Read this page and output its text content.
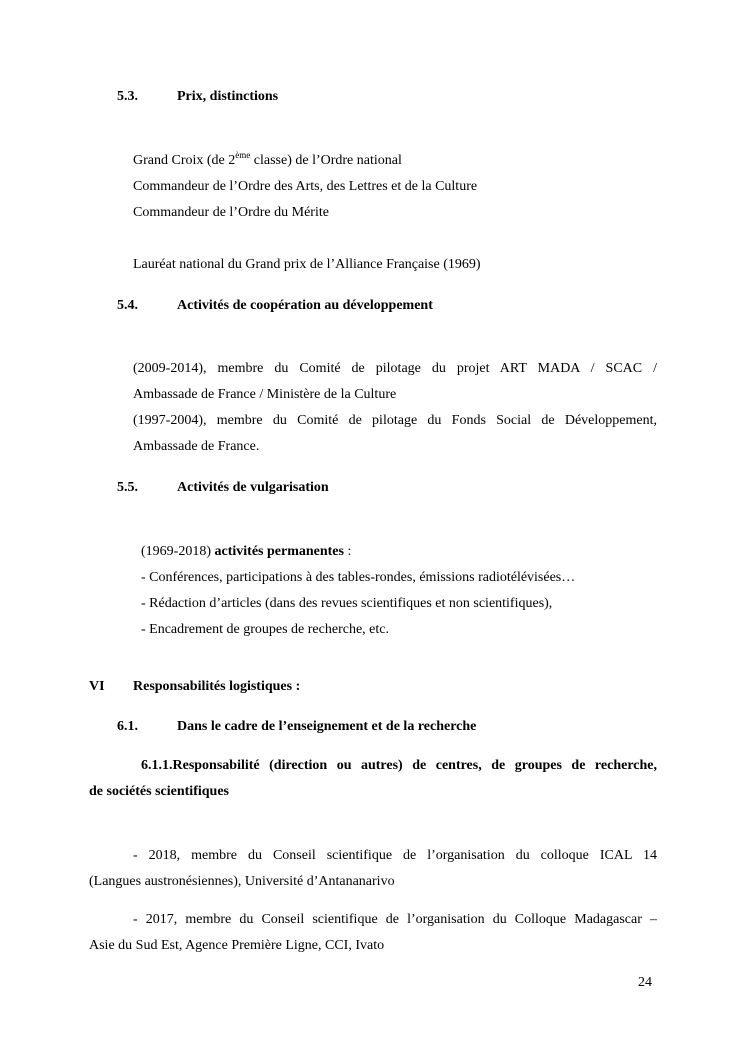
5.3.	Prix, distinctions
Grand Croix (de 2ème classe) de l’Ordre national
Commandeur de l’Ordre des Arts, des Lettres et de la Culture
Commandeur de l’Ordre du Mérite
Lauréat national du Grand prix de l’Alliance Française (1969)
5.4.	Activités de coopération au développement
(2009-2014), membre du Comité de pilotage du projet ART MADA / SCAC /
Ambassade de France / Ministère de la Culture
(1997-2004), membre du Comité de pilotage du Fonds Social de Développement,
Ambassade de France.
5.5.	Activités de vulgarisation
(1969-2018) activités permanentes :
- Conférences, participations à des tables-rondes, émissions radiotélévisées…
- Rédaction d’articles (dans des revues scientifiques et non scientifiques),
- Encadrement de groupes de recherche, etc.
VI Responsabilités logistiques :
6.1.	Dans le cadre de l’enseignement et de la recherche
6.1.1.Responsabilité (direction ou autres) de centres, de groupes de recherche,
de sociétés scientifiques
- 2018, membre du Conseil scientifique de l’organisation du colloque ICAL 14
(Langues austronésiennes), Université d’Antananarivo
- 2017, membre du Conseil scientifique de l’organisation du Colloque Madagascar –
Asie du Sud Est, Agence Première Ligne, CCI, Ivato
24
